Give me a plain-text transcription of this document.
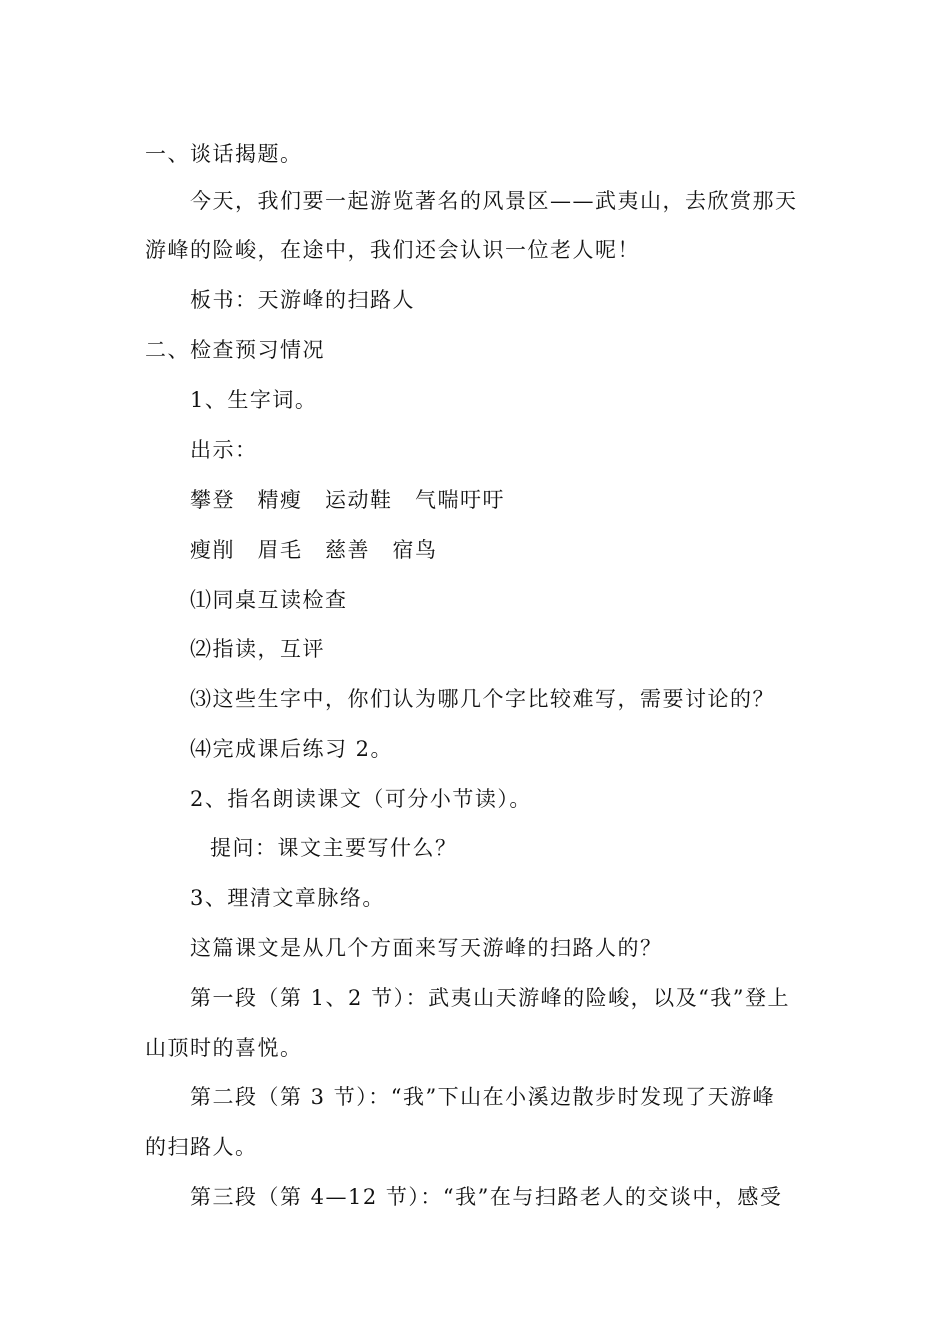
一、谈话揭题。
今天，我们要一起游览著名的风景区——武夷山，去欣赏那天
游峰的险峻，在途中，我们还会认识一位老人呢！
板书：天游峰的扫路人
二、检查预习情况
1、生字词。
出示：
攀登　精瘦　运动鞋　气喘吁吁
瘦削　眉毛　慈善　宿鸟
⑴同桌互读检查
⑵指读，互评
⑶这些生字中，你们认为哪几个字比较难写，需要讨论的？
⑷完成课后练习 2。
2、指名朗读课文（可分小节读）。
提问：课文主要写什么？
3、理清文章脉络。
这篇课文是从几个方面来写天游峰的扫路人的？
第一段（第 1、2 节）：武夷山天游峰的险峻，以及“我”登上
山顶时的喜悦。
第二段（第 3 节）：“我”下山在小溪边散步时发现了天游峰
的扫路人。
第三段（第 4—12 节）：“我”在与扫路老人的交谈中，感受
